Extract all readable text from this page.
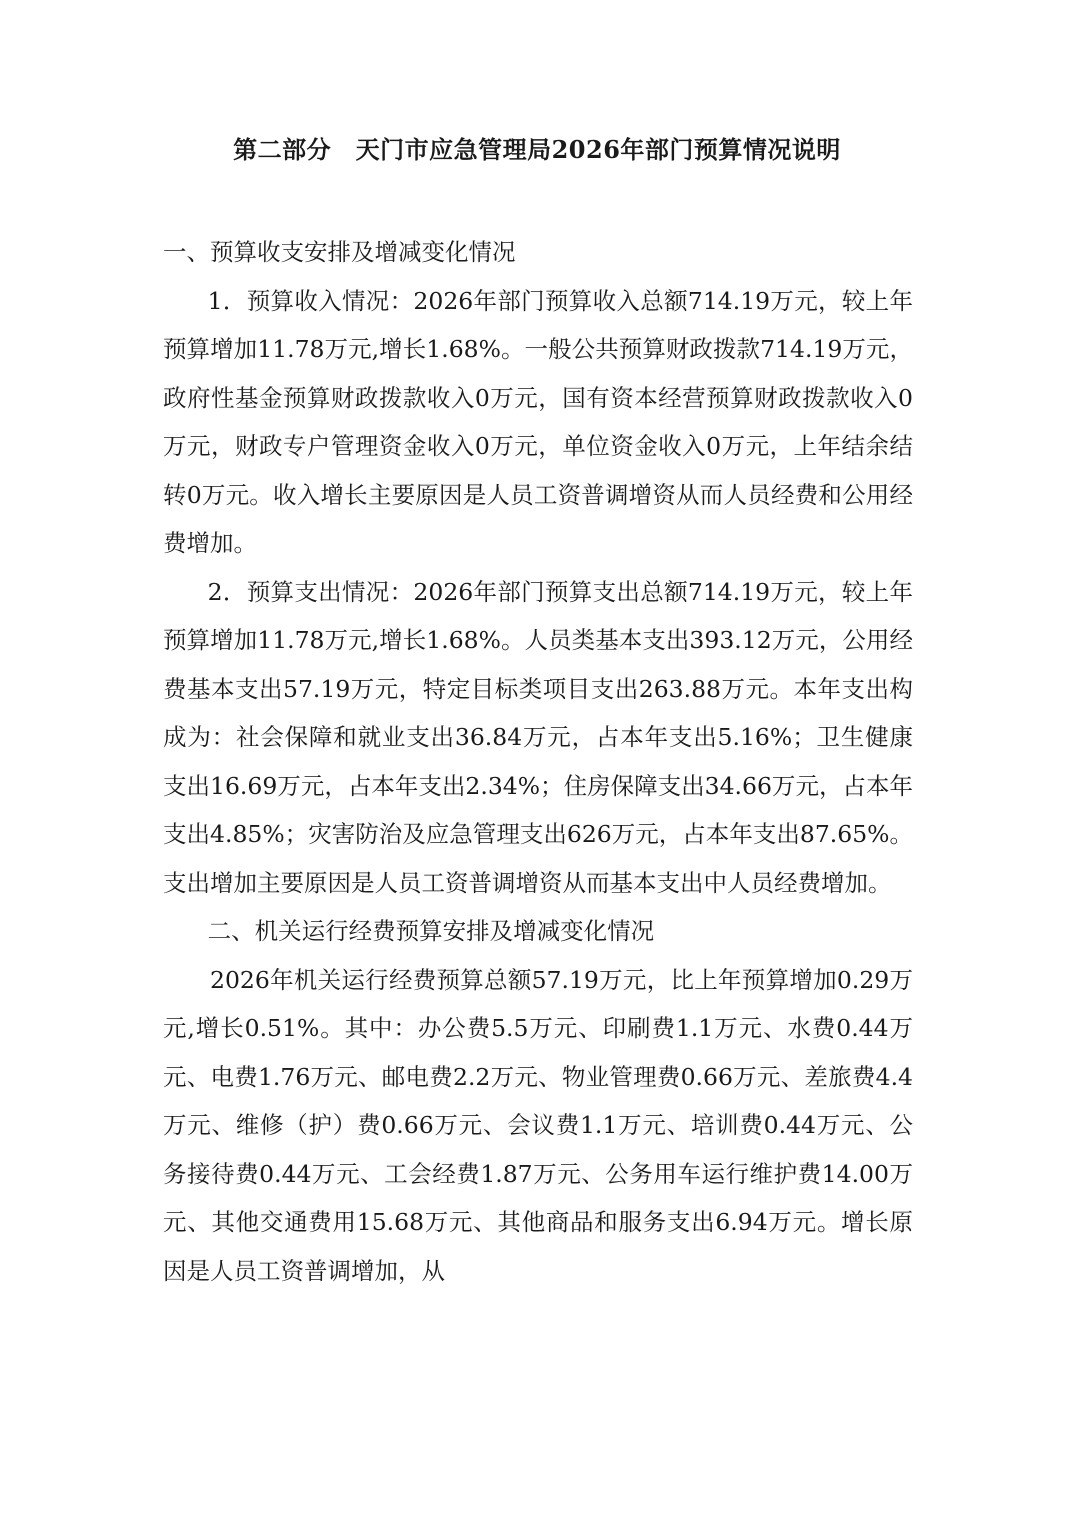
第二部分　天门市应急管理局2026年部门预算情况说明

一、预算收支安排及增减变化情况

1．预算收入情况：2026年部门预算收入总额714.19万元，较上年预算增加11.78万元,增长1.68%。一般公共预算财政拨款714.19万元，政府性基金预算财政拨款收入0万元，国有资本经营预算财政拨款收入0万元，财政专户管理资金收入0万元，单位资金收入0万元，上年结余结转0万元。收入增长主要原因是人员工资普调增资从而人员经费和公用经费增加。

2．预算支出情况：2026年部门预算支出总额714.19万元，较上年预算增加11.78万元,增长1.68%。人员类基本支出393.12万元，公用经费基本支出57.19万元，特定目标类项目支出263.88万元。本年支出构成为：社会保障和就业支出36.84万元，占本年支出5.16%；卫生健康支出16.69万元，占本年支出2.34%；住房保障支出34.66万元，占本年支出4.85%；灾害防治及应急管理支出626万元，占本年支出87.65%。支出增加主要原因是人员工资普调增资从而基本支出中人员经费增加。

二、机关运行经费预算安排及增减变化情况

2026年机关运行经费预算总额57.19万元，比上年预算增加0.29万元,增长0.51%。其中：办公费5.5万元、印刷费1.1万元、水费0.44万元、电费1.76万元、邮电费2.2万元、物业管理费0.66万元、差旅费4.4万元、维修（护）费0.66万元、会议费1.1万元、培训费0.44万元、公务接待费0.44万元、工会经费1.87万元、公务用车运行维护费14.00万元、其他交通费用15.68万元、其他商品和服务支出6.94万元。增长原因是人员工资普调增加，从
